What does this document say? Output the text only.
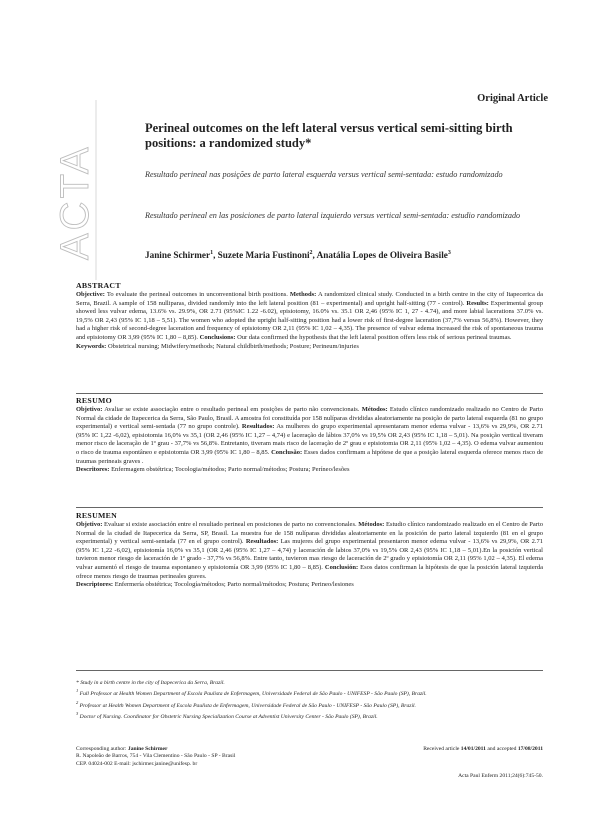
Original Article
ACTA
Perineal outcomes on the left lateral versus vertical semi-sitting birth positions: a randomized study*
Resultado perineal nas posições de parto lateral esquerda versus vertical semi-sentada: estudo randomizado
Resultado perineal en las posiciones de parto lateral izquierdo versus vertical semi-sentada: estudio randomizado
Janine Schirmer$^1$, Suzete Maria Fustinoni$^2$, Anatália Lopes de Oliveira Basile$^3$
ABSTRACT
Objective: To evaluate the perineal outcomes in unconventional birth positions. Methods: A randomized clinical study. Conducted in a birth centre in the city of Itapecerica da Serra, Brazil. A sample of 158 nulliparas, divided randomly into the left lateral position (81 – experimental) and upright half-sitting (77 - control). Results: Experimental group showed less vulvar edema, 13.6% vs. 29.9%, OR 2.71 (95%IC 1.22 -6.02), episiotomy, 16.0% vs. 35.1 OR 2,46 (95% IC 1, 27 - 4.74), and more labial lacerations 37.0% vs. 19,5% OR 2,43 (95% IC 1,18 – 5,51). The women who adopted the upright half-sitting position had a lower risk of first-degree laceration (37,7% versus 56,8%). However, they had a higher risk of second-degree laceration and frequency of episiotomy OR 2,11 (95% IC 1,02 – 4,35). The presence of vulvar edema increased the risk of spontaneous trauma and episiotomy OR 3,99 (95% IC 1,80 – 8,85). Conclusions: Our data confirmed the hypothesis that the left lateral position offers less risk of serious perineal traumas.
Keywords: Obstetrical nursing; Midwifery/methods; Natural childbirth/methods; Posture; Perineum/injuries
RESUMO
Objetivo: Avaliar se existe associação entre o resultado perineal em posições de parto não convencionais. Métodos: Estudo clínico randomizado realizado no Centro de Parto Normal da cidade de Itapecerica da Serra, São Paulo, Brasil. A amostra foi constituída por 158 nulíparas divididas aleatoriamente na posição de parto lateral esquerda (81 no grupo experimental) e vertical semi-sentada (77 no grupo controle). Resultados: As mulheres do grupo experimental apresentaram menor edema vulvar - 13,6% vs 29,9%, OR 2.71 (95% IC 1,22 -6,02), episiotomia 16,0% vs 35,1 (OR 2,46 (95% IC 1,27 – 4,74) e laceração de lábios 37,0% vs 19,5% OR 2,43 (95% IC 1,18 – 5,01). Na posição vertical tiveram menor risco de laceração de 1º grau - 37,7% vs 56,8%. Entretanto, tiveram mais risco de laceração de 2º grau e episiotomia OR 2,11 (95% 1,02 – 4,35). O edema vulvar aumentou o risco de trauma espontâneo e episiotomia OR 3,99 (95% IC 1,80 – 8,85. Conclusão: Esses dados confirmam a hipótese de que a posição lateral esquerda oferece menos risco de traumas perineais graves .
Descritores: Enfermagem obstétrica; Tocologia/métodos; Parto normal/métodos; Postura; Períneo/lesões
RESUMEN
Objetivo: Evaluar si existe asociación entre el resultado perineal en posiciones de parto no convencionales. Métodos: Estudio clínico randomizado realizado en el Centro de Parto Normal de la ciudad de Itapecerica da Serra, SP, Brasil. La muestra fue de 158 nulíparas divididas aleatoriamente en la posición de parto lateral izquierdo (81 en el grupo experimental) y vertical semi-sentada (77 en el grupo control). Resultados: Las mujeres del grupo experimental presentaron menor edema vulvar - 13,6% vs 29,9%, OR 2.71 (95% IC 1,22 -6,02), episiotomía 16,0% vs 35,1 (OR 2,46 (95% IC 1,27 – 4,74) y laceración de labios 37,0% vs 19,5% OR 2,43 (95% IC 1,18 – 5,01).En la posición vertical tuvieron menor riesgo de laceración de 1º grado - 37,7% vs 56,8%. Entre tanto, tuvieron mas riesgo de laceración de 2º grado y episiotomía OR 2,11 (95% 1,02 – 4,35). El edema vulvar aumentó el riesgo de trauma espontaneo y episiotomía OR 3,99 (95% IC 1,80 – 8,85). Conclusión: Esos datos confirman la hipótesis de que la posición lateral izquierda ofrece menos riesgo de traumas perineales graves.
Descriptores: Enfermería obstétrica; Tocología/métodos; Parto normal/métodos; Postura; Perineo/lesiones
* Study in a birth centre in the city of Itapecerica da Serra, Brazil.
$^1$ Full Professor at Health Women Department of Escola Paulista de Enfermagem, Universidade Federal de São Paulo - UNIFESP - São Paulo (SP), Brazil.
$^2$ Professor at Health Women Department of Escola Paulista de Enfermagem, Universidade Federal de São Paulo - UNIFESP - São Paulo (SP), Brazil.
$^3$ Doctor of Nursing. Coordinator for Obstetric Nursing Specialization Course at Adventist University Center - São Paulo (SP), Brazil.
Corresponding author: Janine Schirmer
R. Napoleão de Barros, 754 - Vila Clementino - São Paulo - SP - Brasil
CEP. 04024-002 E-mail: jschirmer.janine@unifesp. br
Received article 14/01/2011 and accepted 17/08/2011
Acta Paul Enferm 2011;24(6):745-50.
